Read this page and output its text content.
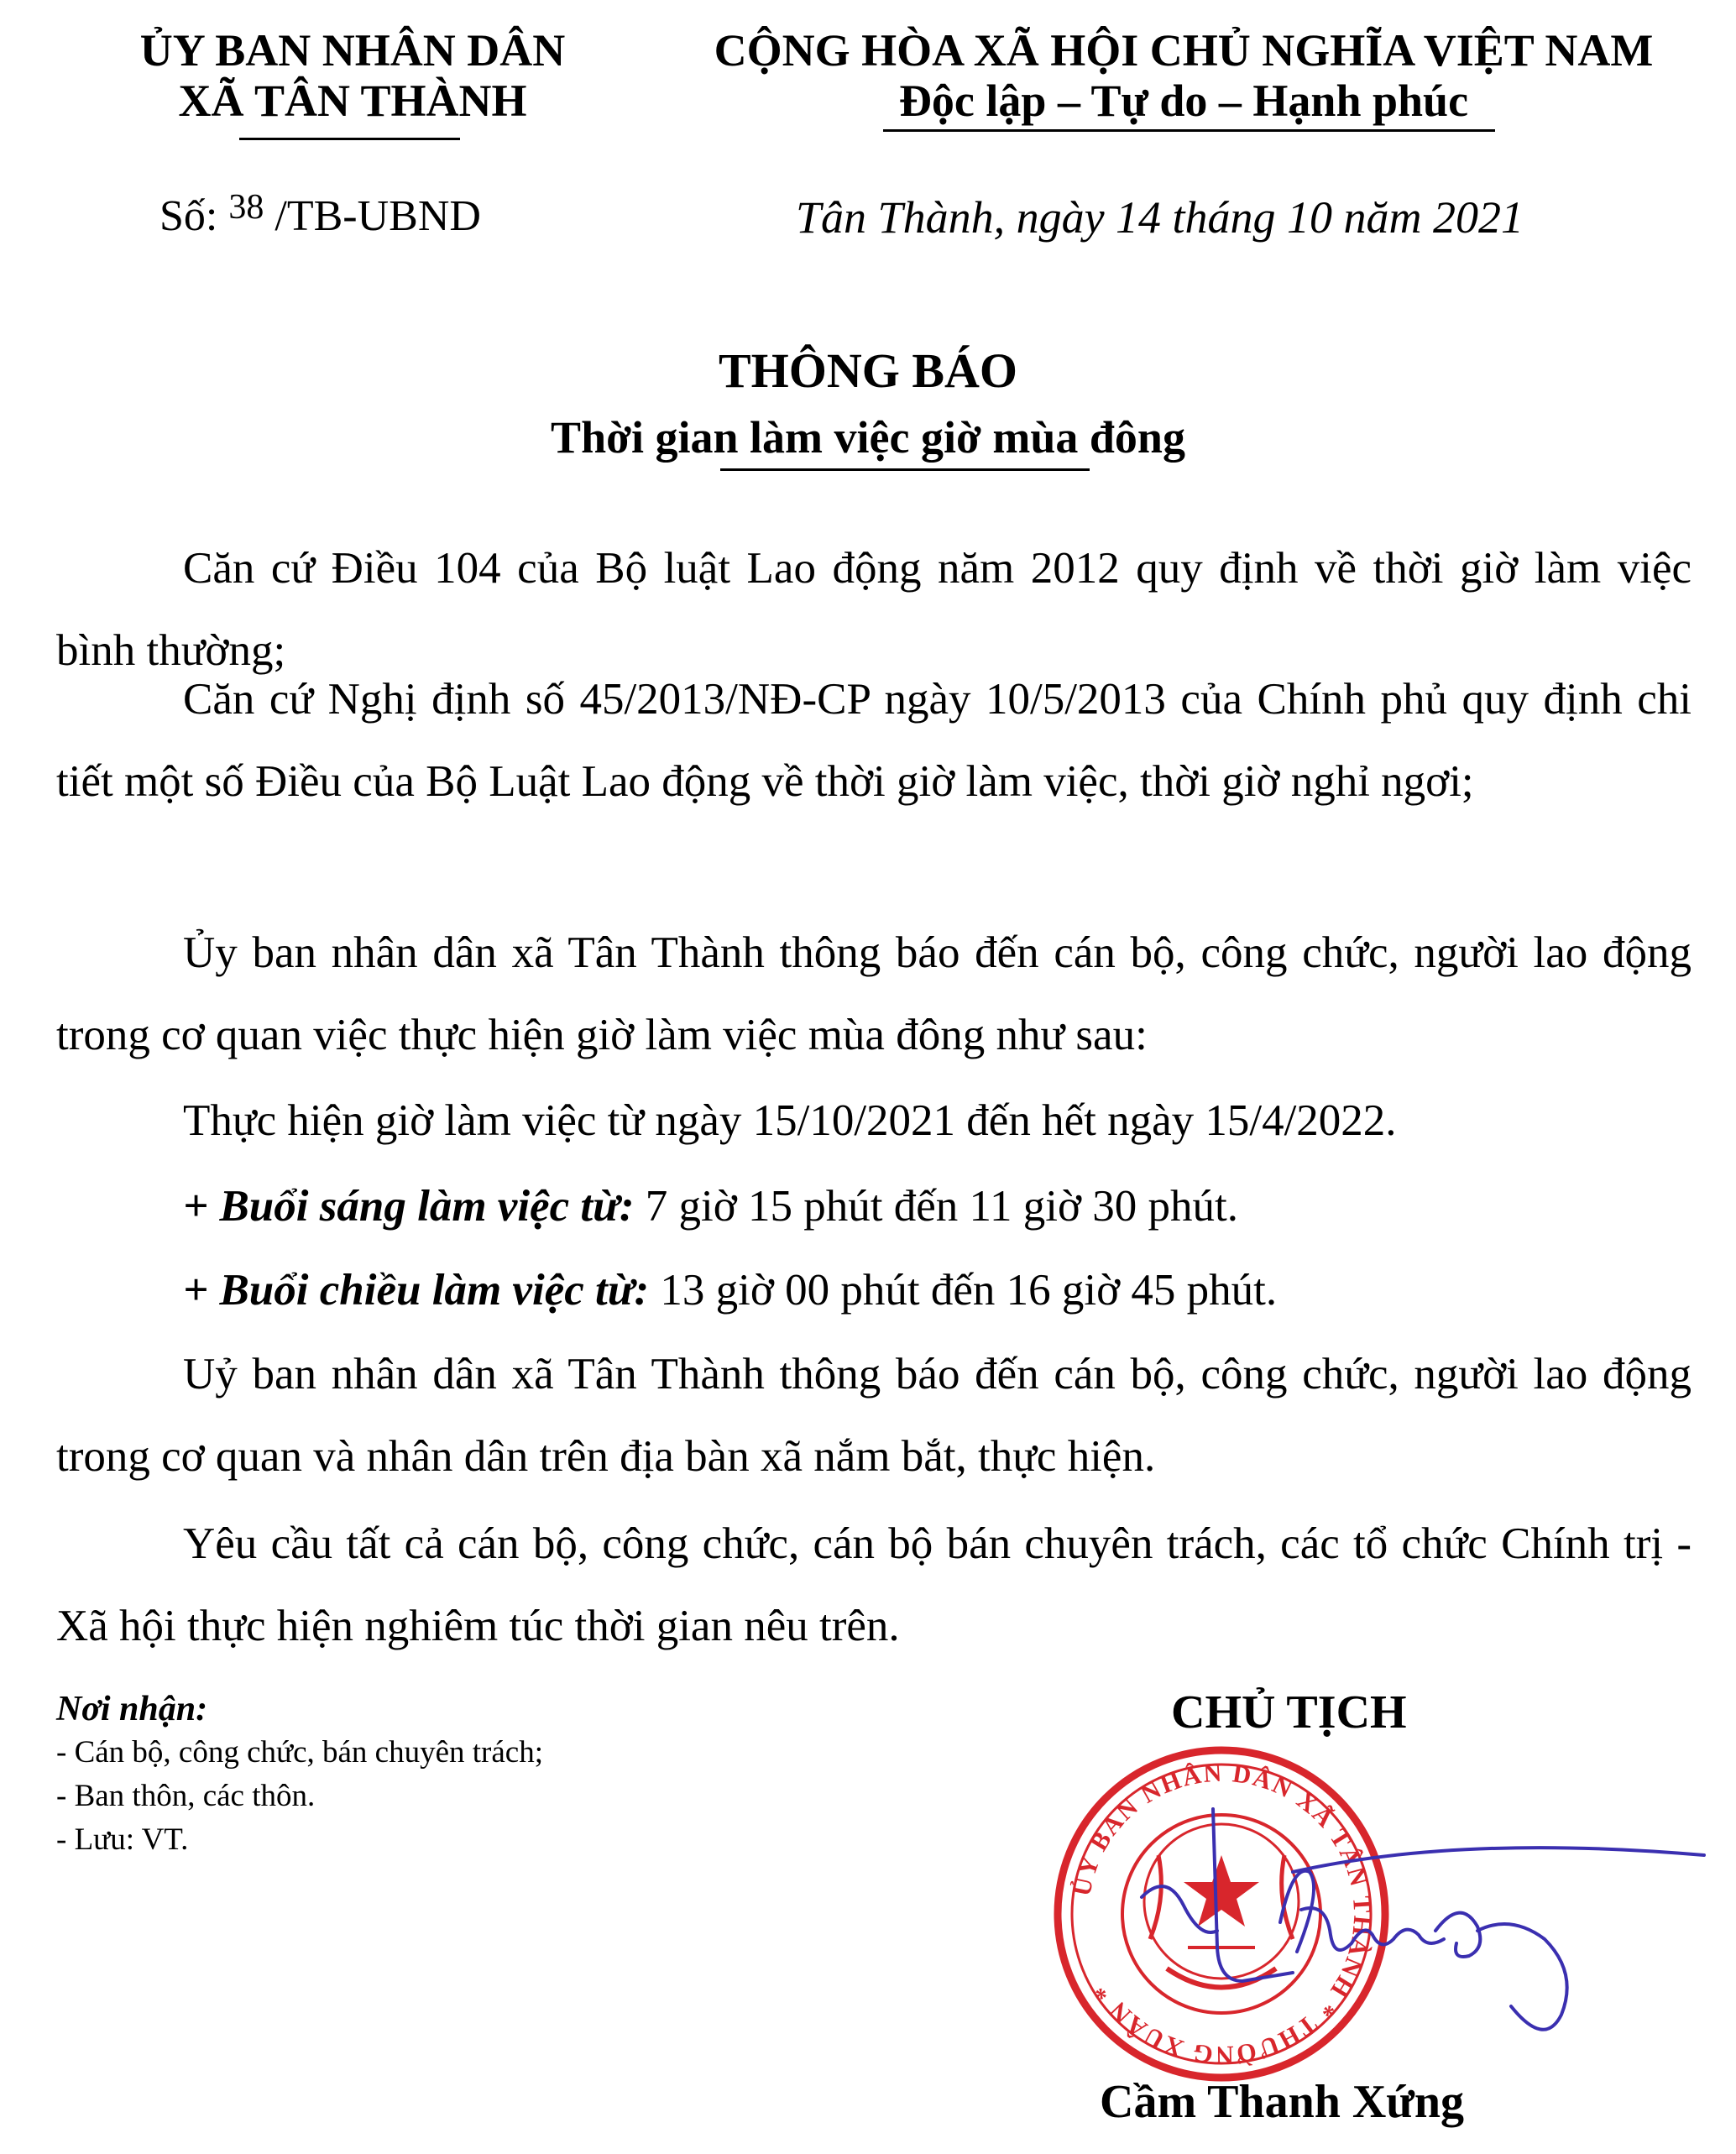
ỦY BAN NHÂN DÂN
XÃ TÂN THÀNH
CỘNG HÒA XÃ HỘI CHỦ NGHĨA VIỆT NAM
Độc lập – Tự do – Hạnh phúc
Số: $^{38}$ /TB-UBND	Tân Thành, ngày 14 tháng 10 năm 2021
THÔNG BÁO
Thời gian làm việc giờ mùa đông
Căn cứ Điều 104 của Bộ luật Lao động năm 2012 quy định về thời giờ làm việc bình thường;
Căn cứ Nghị định số 45/2013/NĐ-CP ngày 10/5/2013 của Chính phủ quy định chi tiết một số Điều của Bộ Luật Lao động về thời giờ làm việc, thời giờ nghỉ ngơi;
Ủy ban nhân dân xã Tân Thành thông báo đến cán bộ, công chức, người lao động trong cơ quan việc thực hiện giờ làm việc mùa đông như sau:
Thực hiện giờ làm việc từ ngày 15/10/2021 đến hết ngày 15/4/2022.
+ Buổi sáng làm việc từ: 7 giờ 15 phút đến 11 giờ 30 phút.
+ Buổi chiều làm việc từ: 13 giờ 00 phút đến 16 giờ 45 phút.
Uỷ ban nhân dân xã Tân Thành thông báo đến cán bộ, công chức, người lao động trong cơ quan và nhân dân trên địa bàn xã nắm bắt, thực hiện.
Yêu cầu tất cả cán bộ, công chức, cán bộ bán chuyên trách, các tổ chức Chính trị - Xã hội thực hiện nghiêm túc thời gian nêu trên.
Nơi nhận:
- Cán bộ, công chức, bán chuyên trách;
- Ban thôn, các thôn.
- Lưu: VT.
CHỦ TỊCH
ỦY BAN NHÂN DÂN XÃ TÂN THÀNH * THƯỜNG XUÂN *
Cầm Thanh Xứng
